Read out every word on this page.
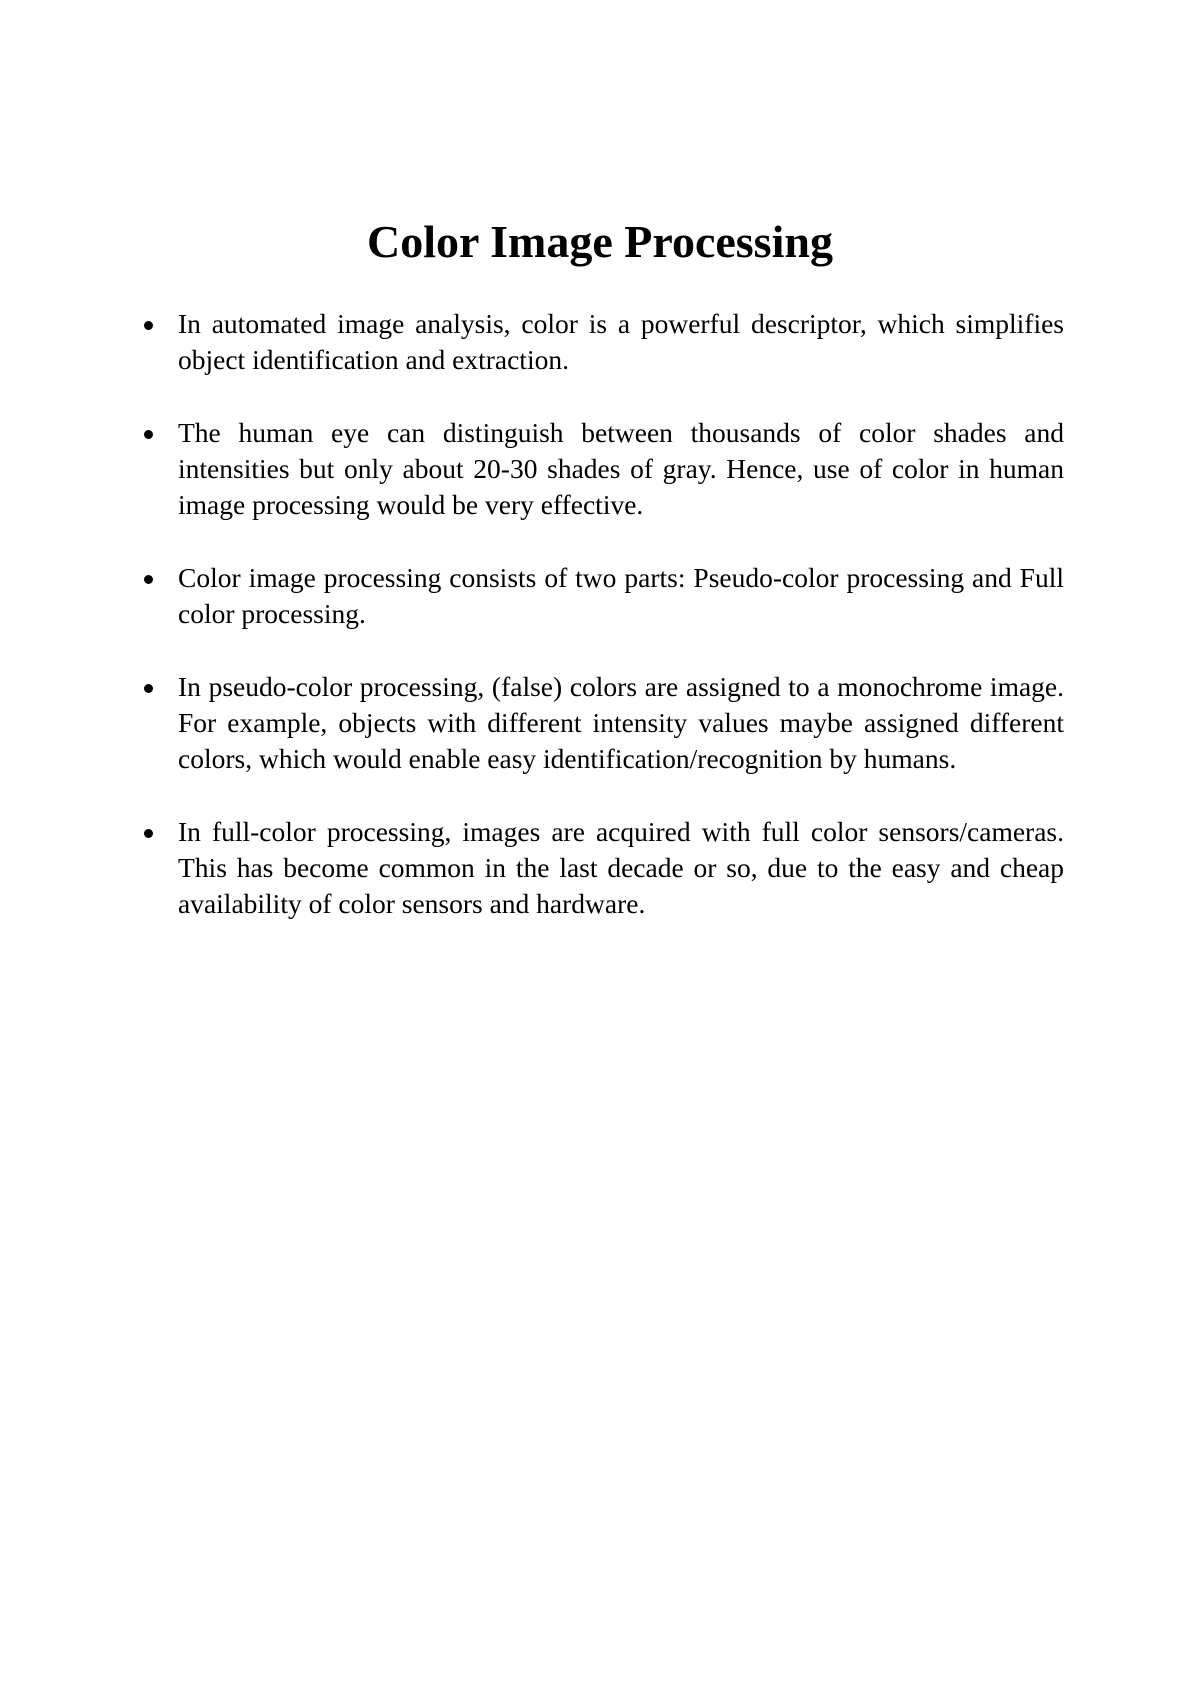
Color Image Processing
In automated image analysis, color is a powerful descriptor, which simplifies object identification and extraction.
The human eye can distinguish between thousands of color shades and intensities but only about 20-30 shades of gray. Hence, use of color in human image processing would be very effective.
Color image processing consists of two parts: Pseudo-color processing and Full color processing.
In pseudo-color processing, (false) colors are assigned to a monochrome image. For example, objects with different intensity values maybe assigned different colors, which would enable easy identification/recognition by humans.
In full-color processing, images are acquired with full color sensors/cameras. This has become common in the last decade or so, due to the easy and cheap availability of color sensors and hardware.
